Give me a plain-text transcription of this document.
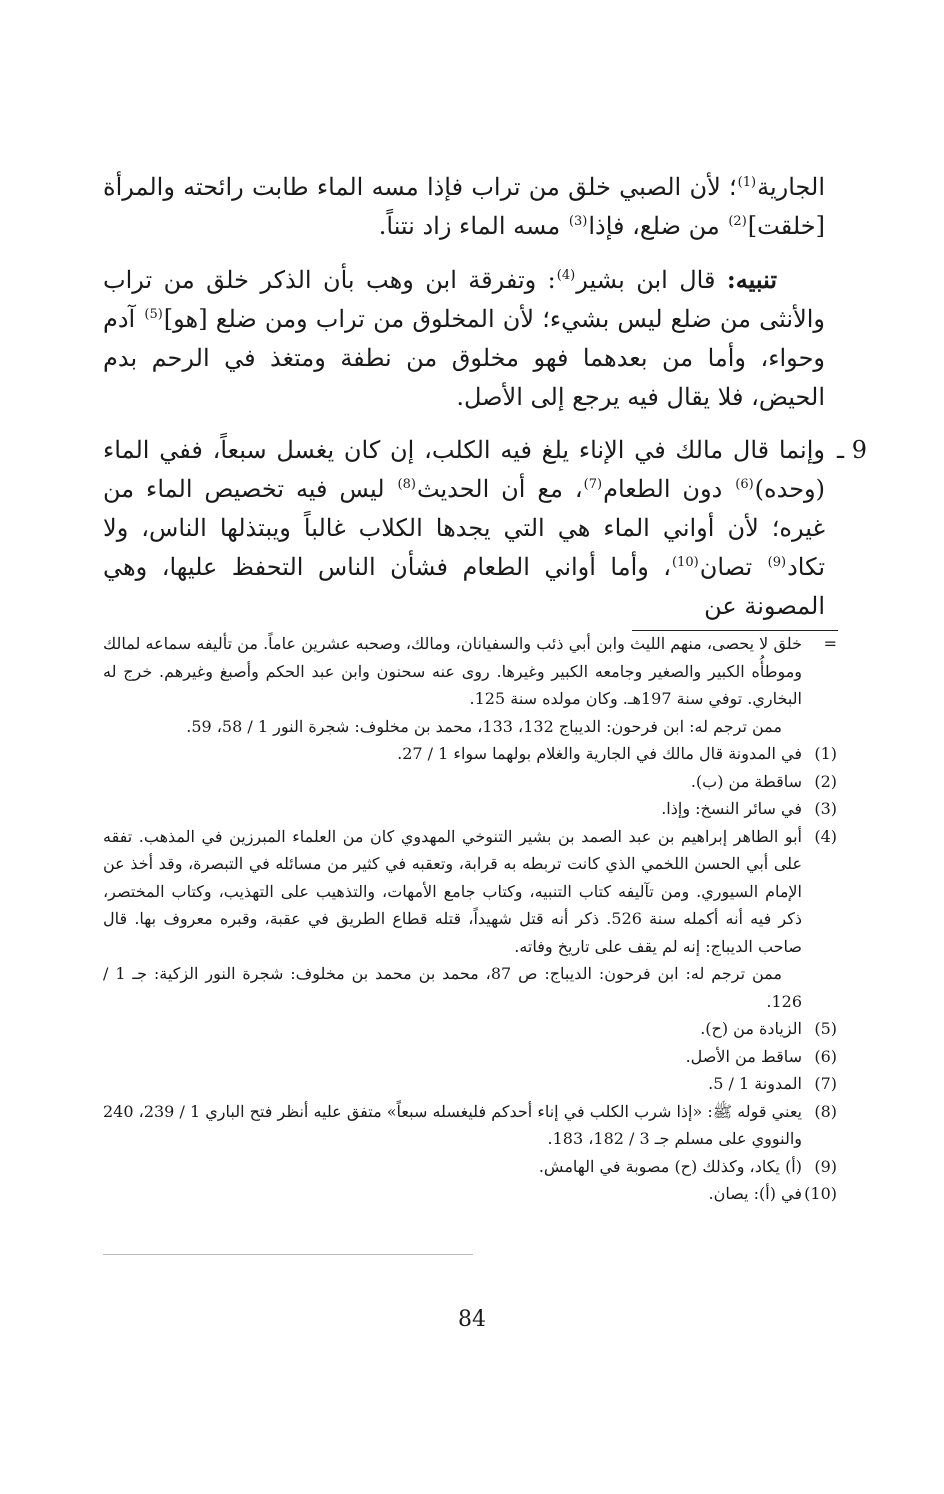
الجارية$^{(1)}$؛ لأن الصبي خلق من تراب فإذا مسه الماء طابت رائحته والمرأة [خلقت]$^{(2)}$ من ضلع، فإذا$^{(3)}$ مسه الماء زاد نتناً.

تنبيه: قال ابن بشير$^{(4)}$: وتفرقة ابن وهب بأن الذكر خلق من تراب والأنثى من ضلع ليس بشيء؛ لأن المخلوق من تراب ومن ضلع [هو]$^{(5)}$ آدم وحواء، وأما من بعدهما فهو مخلوق من نطفة ومتغذ في الرحم بدم الحيض، فلا يقال فيه يرجع إلى الأصل.

9 ـ
وإنما قال مالك في الإناء يلغ فيه الكلب، إن كان يغسل سبعاً، ففي الماء (وحده)$^{(6)}$ دون الطعام$^{(7)}$، مع أن الحديث$^{(8)}$ ليس فيه تخصيص الماء من غيره؛ لأن أواني الماء هي التي يجدها الكلاب غالباً ويبتذلها الناس، ولا تكاد$^{(9)}$ تصان$^{(10)}$، وأما أواني الطعام فشأن الناس التحفظ عليها، وهي المصونة عن

=
خلق لا يحصى، منهم الليث وابن أبي ذئب والسفيانان، ومالك، وصحبه عشرين عاماً. من تأليفه سماعه لمالك وموطأُه الكبير والصغير وجامعه الكبير وغيرها. روى عنه سحنون وابن عبد الحكم وأصبغ وغيرهم. خرج له البخاري. توفي سنة 197هـ. وكان مولده سنة 125.
ممن ترجم له: ابن فرحون: الديباج 132، 133، محمد بن مخلوف: شجرة النور 1 / 58، 59.
(1)
في المدونة قال مالك في الجارية والغلام بولهما سواء 1 / 27.
(2)
ساقطة من (ب).
(3)
في سائر النسخ: وإذا.
(4)
أبو الطاهر إبراهيم بن عبد الصمد بن بشير التنوخي المهدوي كان من العلماء المبرزين في المذهب. تفقه على أبي الحسن اللخمي الذي كانت تربطه به قرابة، وتعقبه في كثير من مسائله في التبصرة، وقد أخذ عن الإمام السيوري. ومن تآليفه كتاب التنبيه، وكتاب جامع الأمهات، والتذهيب على التهذيب، وكتاب المختصر، ذكر فيه أنه أكمله سنة 526. ذكر أنه قتل شهيداً، قتله قطاع الطريق في عقبة، وقبره معروف بها. قال صاحب الديباج: إنه لم يقف على تاريخ وفاته.
ممن ترجم له: ابن فرحون: الديباج: ص 87، محمد بن محمد بن مخلوف: شجرة النور الزكية: جـ 1 / 126.
(5)
الزيادة من (ح).
(6)
ساقط من الأصل.
(7)
المدونة 1 / 5.
(8)
يعني قوله ﷺ: «إذا شرب الكلب في إناء أحدكم فليغسله سبعاً» متفق عليه أنظر فتح الباري 1 / 239، 240 والنووي على مسلم جـ 3 / 182، 183.
(9)
(أ) يكاد، وكذلك (ح) مصوبة في الهامش.
(10)
في (أ): يصان.
84
